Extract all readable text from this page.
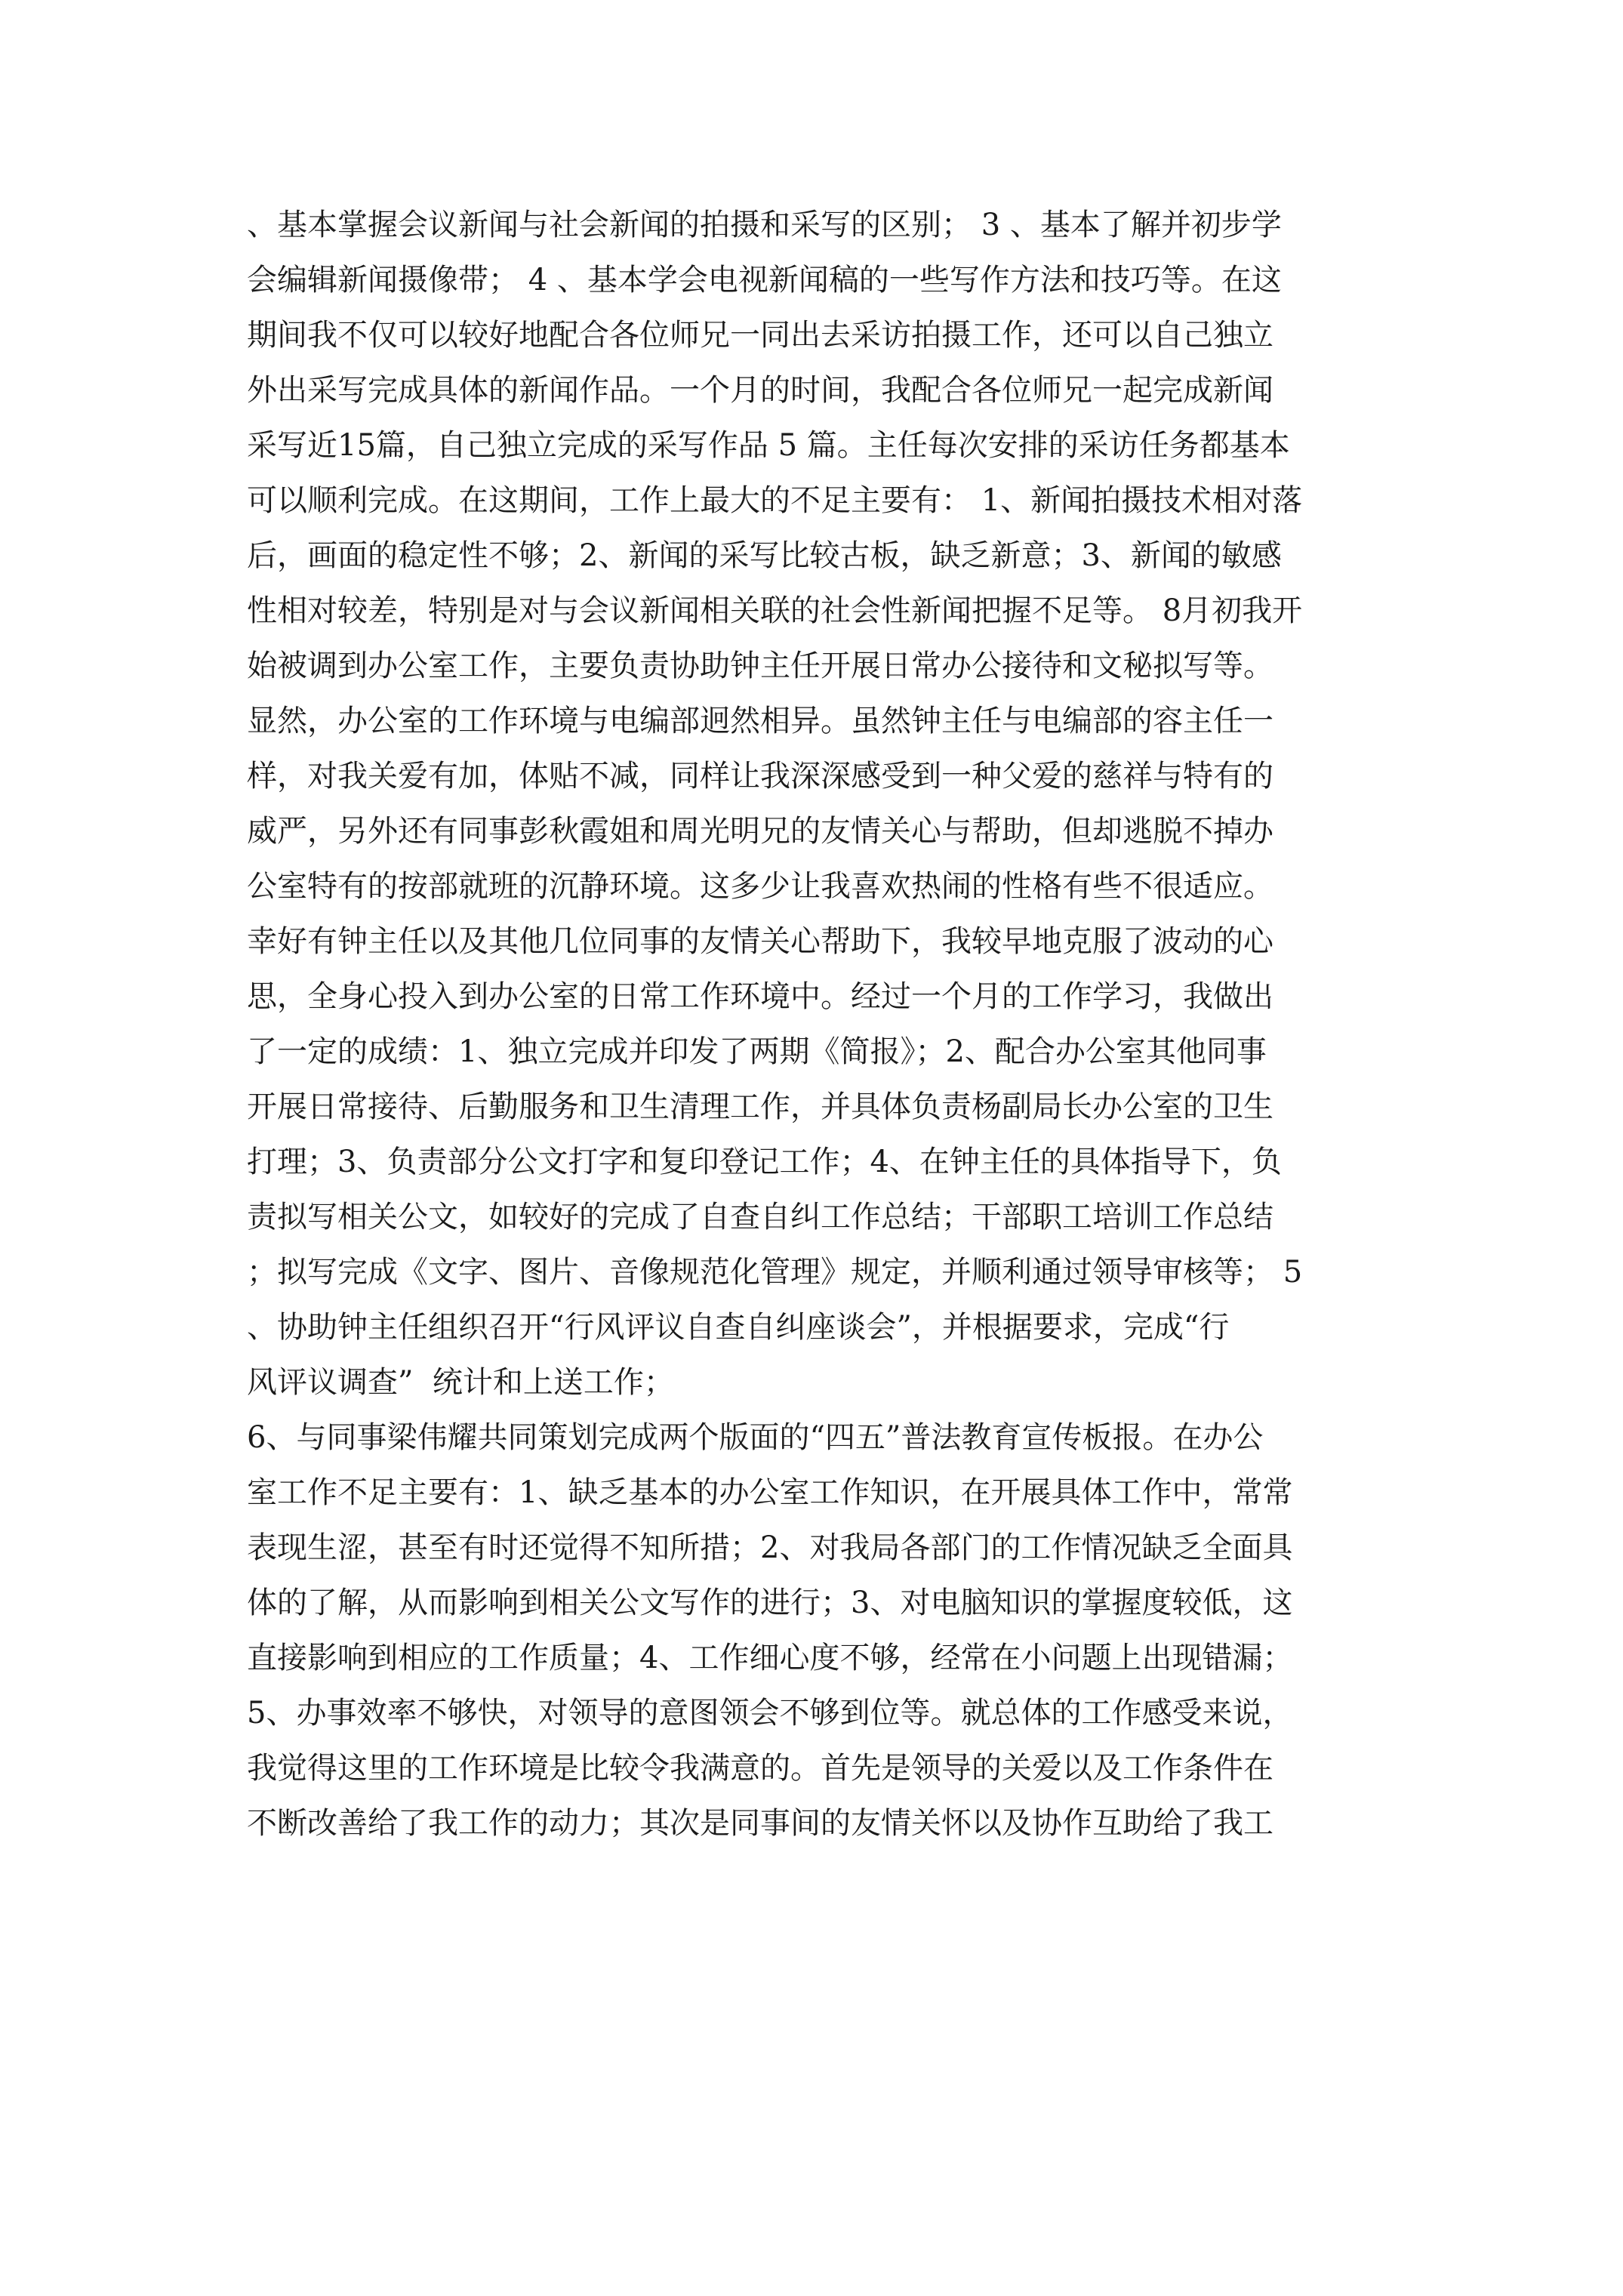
、基本掌握会议新闻与社会新闻的拍摄和采写的区别； 3 、基本了解并初步学
会编辑新闻摄像带； 4 、基本学会电视新闻稿的一些写作方法和技巧等。在这
期间我不仅可以较好地配合各位师兄一同出去采访拍摄工作，还可以自己独立
外出采写完成具体的新闻作品。一个月的时间，我配合各位师兄一起完成新闻
采写近15篇，自己独立完成的采写作品 5 篇。主任每次安排的采访任务都基本
可以顺利完成。在这期间，工作上最大的不足主要有： 1、新闻拍摄技术相对落
后，画面的稳定性不够；2、新闻的采写比较古板，缺乏新意；3、新闻的敏感
性相对较差，特别是对与会议新闻相关联的社会性新闻把握不足等。 8月初我开
始被调到办公室工作，主要负责协助钟主任开展日常办公接待和文秘拟写等。
显然，办公室的工作环境与电编部迥然相异。虽然钟主任与电编部的容主任一
样，对我关爱有加，体贴不减，同样让我深深感受到一种父爱的慈祥与特有的
威严，另外还有同事彭秋霞姐和周光明兄的友情关心与帮助，但却逃脱不掉办
公室特有的按部就班的沉静环境。这多少让我喜欢热闹的性格有些不很适应。
幸好有钟主任以及其他几位同事的友情关心帮助下，我较早地克服了波动的心
思，全身心投入到办公室的日常工作环境中。经过一个月的工作学习，我做出
了一定的成绩：1、独立完成并印发了两期《简报》；2、配合办公室其他同事
开展日常接待、后勤服务和卫生清理工作，并具体负责杨副局长办公室的卫生
打理；3、负责部分公文打字和复印登记工作；4、在钟主任的具体指导下，负
责拟写相关公文，如较好的完成了自查自纠工作总结；干部职工培训工作总结
；拟写完成《文字、图片、音像规范化管理》规定，并顺利通过领导审核等； 5
、协助钟主任组织召开“行风评议自查自纠座谈会”，并根据要求，完成“行
风评议调查”  统计和上送工作；
6、与同事梁伟耀共同策划完成两个版面的“四五”普法教育宣传板报。在办公
室工作不足主要有：1、缺乏基本的办公室工作知识，在开展具体工作中，常常
表现生涩，甚至有时还觉得不知所措；2、对我局各部门的工作情况缺乏全面具
体的了解，从而影响到相关公文写作的进行；3、对电脑知识的掌握度较低，这
直接影响到相应的工作质量；4、工作细心度不够，经常在小问题上出现错漏；
5、办事效率不够快，对领导的意图领会不够到位等。就总体的工作感受来说，
我觉得这里的工作环境是比较令我满意的。首先是领导的关爱以及工作条件在
不断改善给了我工作的动力；其次是同事间的友情关怀以及协作互助给了我工
